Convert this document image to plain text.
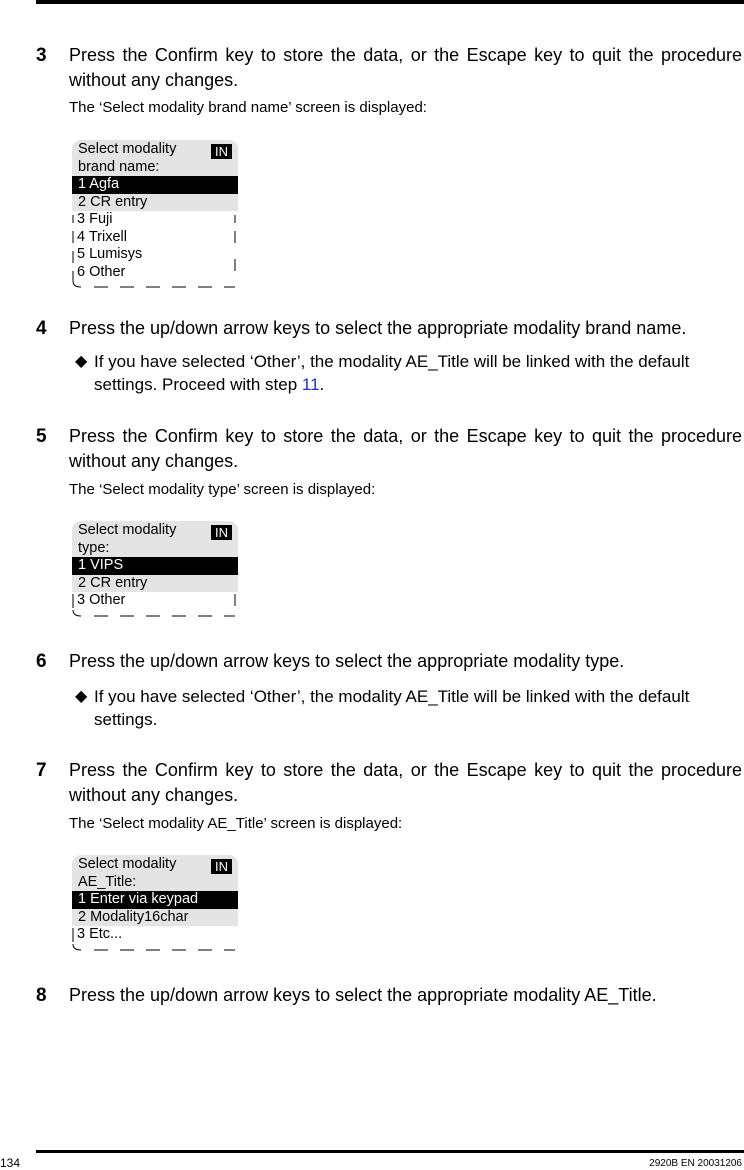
3 Press the Confirm key to store the data, or the Escape key to quit the procedure without any changes.
The ‘Select modality brand name’ screen is displayed:
Select modality
brand name:
IN
1 Agfa
2 CR entry
3 Fuji
4 Trixell
5 Lumisys
6 Other
4 Press the up/down arrow keys to select the appropriate modality brand name.
◆ If you have selected ‘Other’, the modality AE_Title will be linked with the default settings. Proceed with step 11.
5 Press the Confirm key to store the data, or the Escape key to quit the procedure without any changes.
The ‘Select modality type’ screen is displayed:
Select modality
type:
IN
1 VIPS
2 CR entry
3 Other
6 Press the up/down arrow keys to select the appropriate modality type.
◆ If you have selected ‘Other’, the modality AE_Title will be linked with the default settings.
7 Press the Confirm key to store the data, or the Escape key to quit the procedure without any changes.
The ‘Select modality AE_Title’ screen is displayed:
Select modality
AE_Title:
IN
1 Enter via keypad
2 Modality16char
3 Etc...
8 Press the up/down arrow keys to select the appropriate modality AE_Title.
134	2920B EN 20031206
